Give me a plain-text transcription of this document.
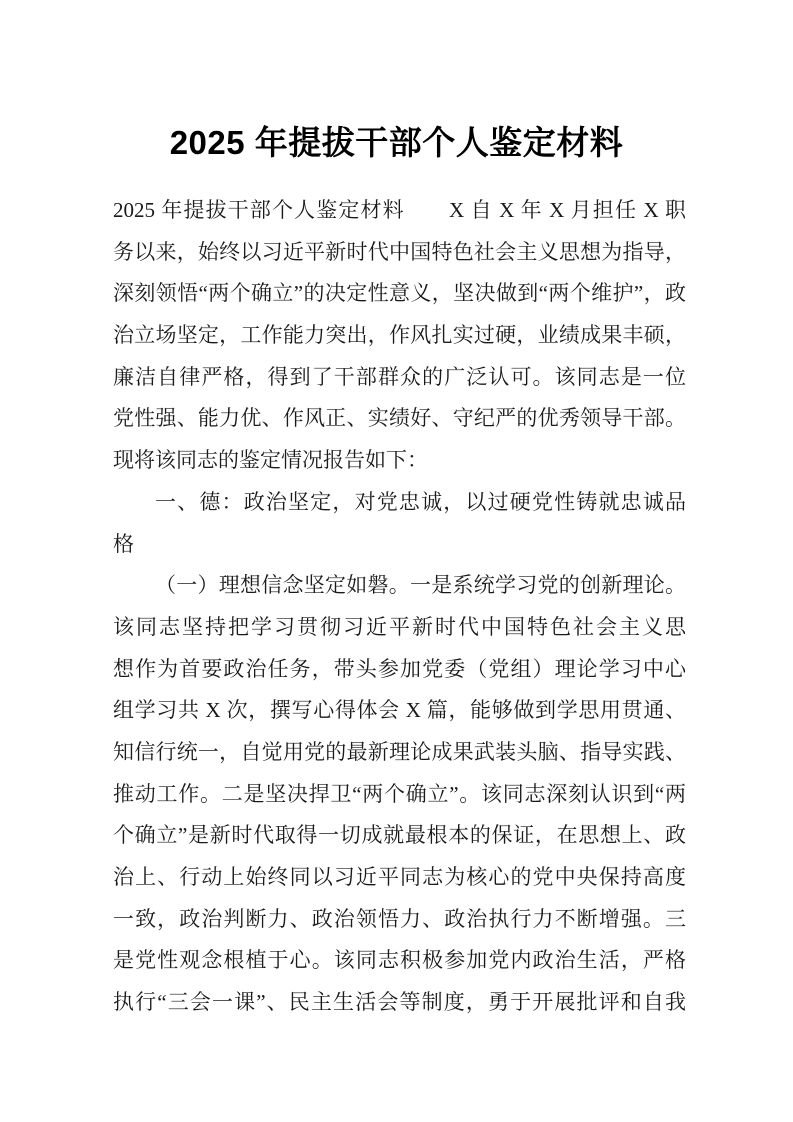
2025 年提拔干部个人鉴定材料
2025 年提拔干部个人鉴定材料　　X 自 X 年 X 月担任 X 职
务以来，始终以习近平新时代中国特色社会主义思想为指导，
深刻领悟“两个确立”的决定性意义，坚决做到“两个维护”，政
治立场坚定，工作能力突出，作风扎实过硬，业绩成果丰硕，
廉洁自律严格，得到了干部群众的广泛认可。该同志是一位
党性强、能力优、作风正、实绩好、守纪严的优秀领导干部。
现将该同志的鉴定情况报告如下：
一、德：政治坚定，对党忠诚，以过硬党性铸就忠诚品
格
（一）理想信念坚定如磐。一是系统学习党的创新理论。
该同志坚持把学习贯彻习近平新时代中国特色社会主义思
想作为首要政治任务，带头参加党委（党组）理论学习中心
组学习共 X 次，撰写心得体会 X 篇，能够做到学思用贯通、
知信行统一，自觉用党的最新理论成果武装头脑、指导实践、
推动工作。二是坚决捍卫“两个确立”。该同志深刻认识到“两
个确立”是新时代取得一切成就最根本的保证，在思想上、政
治上、行动上始终同以习近平同志为核心的党中央保持高度
一致，政治判断力、政治领悟力、政治执行力不断增强。三
是党性观念根植于心。该同志积极参加党内政治生活，严格
执行“三会一课”、民主生活会等制度，勇于开展批评和自我
